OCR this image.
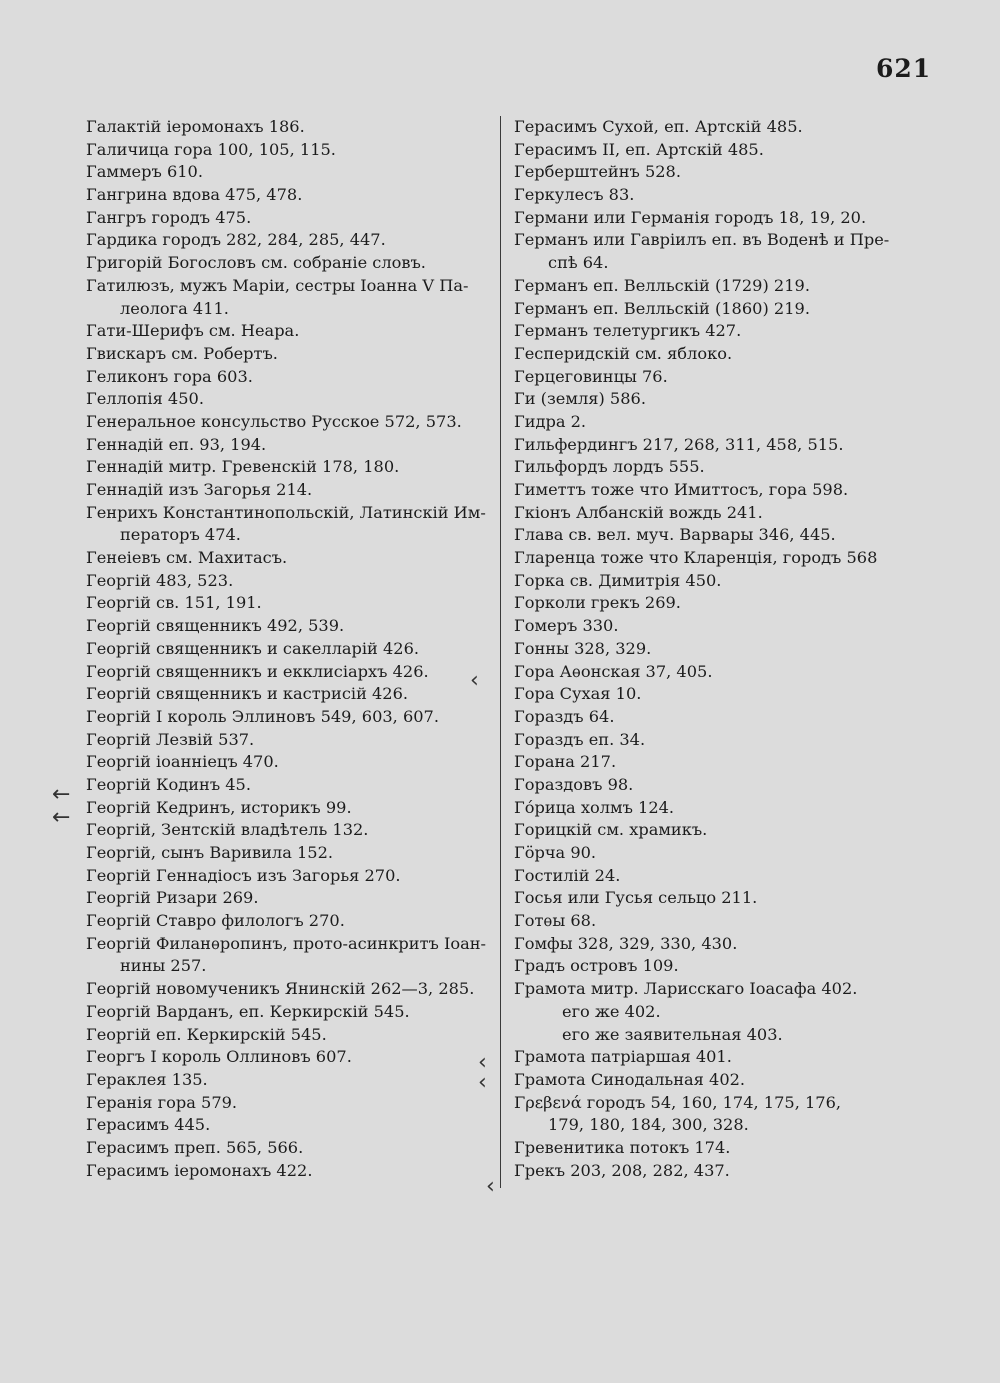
621
Галактій іеромонахъ 186.
Галичица гора 100, 105, 115.
Гаммеръ 610.
Гангрина вдова 475, 478.
Гангръ городъ 475.
Гардика городъ 282, 284, 285, 447.
Григорій Богословъ см. собраніе словъ.
Гатилюзъ, мужъ Маріи, сестры Іоанна V Па-
леолога 411.
Гати-Шерифъ см. Неара.
Гвискаръ см. Робертъ.
Геликонъ гора 603.
Геллопія 450.
Генеральное консульство Русское 572, 573.
Геннадій еп. 93, 194.
Геннадій митр. Гревенскій 178, 180.
Геннадій изъ Загорья 214.
Генрихъ Константинопольскій, Латинскій Им-
ператоръ 474.
Генеіевъ см. Махитасъ.
Георгій 483, 523.
Георгій св. 151, 191.
Георгій священникъ 492, 539.
Георгій священникъ и сакелларій 426.
Георгій священникъ и екклисіархъ 426.
Георгій священникъ и кастрисій 426.
Георгій I король Эллиновъ 549, 603, 607.
Георгій Лезвій 537.
Георгій іоанніецъ 470.
Георгій Кодинъ 45.
Георгій Кедринъ, историкъ 99.
Георгій, Зентскій владѣтель 132.
Георгій, сынъ Варивила 152.
Георгій Геннадіосъ изъ Загорья 270.
Георгій Ризари 269.
Георгій Ставро филологъ 270.
Георгій Филанѳропинъ, прото-асинкритъ Іоан-
нины 257.
Георгій новомученикъ Янинскій 262—3, 285.
Георгій Варданъ, еп. Керкирскій 545.
Георгій еп. Керкирскій 545.
Георгъ I король Оллиновъ 607.
Гераклея 135.
Геранія гора 579.
Герасимъ 445.
Герасимъ преп. 565, 566.
Герасимъ іеромонахъ 422.
Герасимъ Сухой, еп. Артскій 485.
Герасимъ II, еп. Артскій 485.
Герберштейнъ 528.
Геркулесъ 83.
Германи или Германія городъ 18, 19, 20.
Германъ или Гавріилъ еп. въ Воденѣ и Пре-
спѣ 64.
Германъ еп. Велльскій (1729) 219.
Германъ еп. Велльскій (1860) 219.
Германъ телетургикъ 427.
Гесперидскій см. яблоко.
Герцеговинцы 76.
Ги (земля) 586.
Гидра 2.
Гильфердингъ 217, 268, 311, 458, 515.
Гильфордъ лордъ 555.
Гиметтъ тоже что Имиттосъ, гора 598.
Гкіонъ Албанскій вождь 241.
Глава св. вел. муч. Варвары 346, 445.
Глaренца тоже что Кларенція, городъ 568
Горка св. Димитрія 450.
Горколи грекъ 269.
Гомеръ 330.
Гонны 328, 329.
Гора Аѳонская 37, 405.
Гора Сухая 10.
Гораздъ 64.
Гораздъ еп. 34.
Горана 217.
Гораздовъ 98.
Го́рица холмъ 124.
Горицкій см. храмикъ.
Гӧрча 90.
Гостилій 24.
Госья или Гусья сельцо 211.
Готѳы 68.
Гомфы 328, 329, 330, 430.
Градъ островъ 109.
Грамота митр. Ларисскаго Іоасафа 402.
его же 402.
его же заявительная 403.
Грамота патріаршая 401.
Грамота Синодальная 402.
Γρεβενά городъ 54, 160, 174, 175, 176,
179, 180, 184, 300, 328.
Гревенитика потокъ 174.
Грекъ 203, 208, 282, 437.
‹
←
←
‹
‹
‹
